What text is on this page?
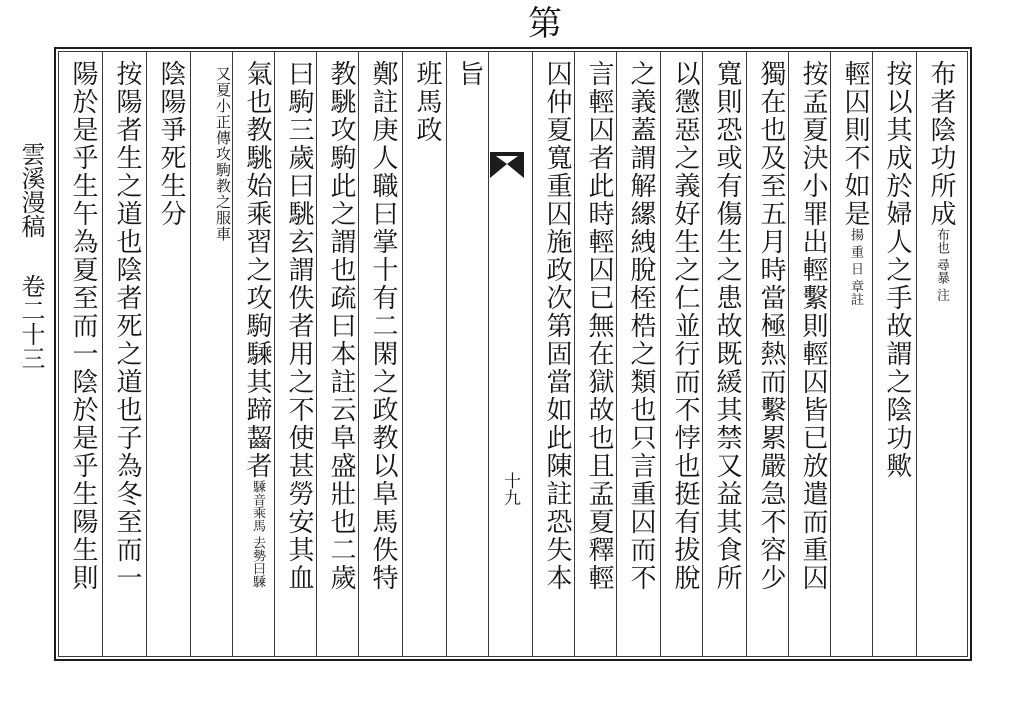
第
雲溪漫稿卷二十三
十九
布者陰功所成布也 尋暴 注
按以其成於婦人之手故謂之陰功歟
輕囚則不如是揚 重 日 章註
按孟夏決小罪出輕繫則輕囚皆已放遣而重囚
獨在也及至五月時當極熱而繫累嚴急不容少
寬則恐或有傷生之患故既緩其禁又益其食所
以懲惡之義好生之仁並行而不悖也挺有拔脫
之義蓋謂解縲絏脫桎梏之類也只言重囚而不
言輕囚者此時輕囚已無在獄故也且孟夏釋輕
囚仲夏寬重囚施政次第固當如此陳註恐失本
旨
班馬政
鄭註庚人職曰掌十有二閑之政教以阜馬佚特
教駣攻駒此之謂也疏曰本註云阜盛壯也二歲
曰駒三歲曰駣玄謂佚者用之不使甚勞安其血
氣也教駣始乘習之攻駒騬其蹄齧者騬音乘馬 去勢曰騬
又夏小正傳攻駒教之服車
陰陽爭死生分
按陽者生之道也陰者死之道也子為冬至而一
陽於是乎生午為夏至而一陰於是乎生陽生則
